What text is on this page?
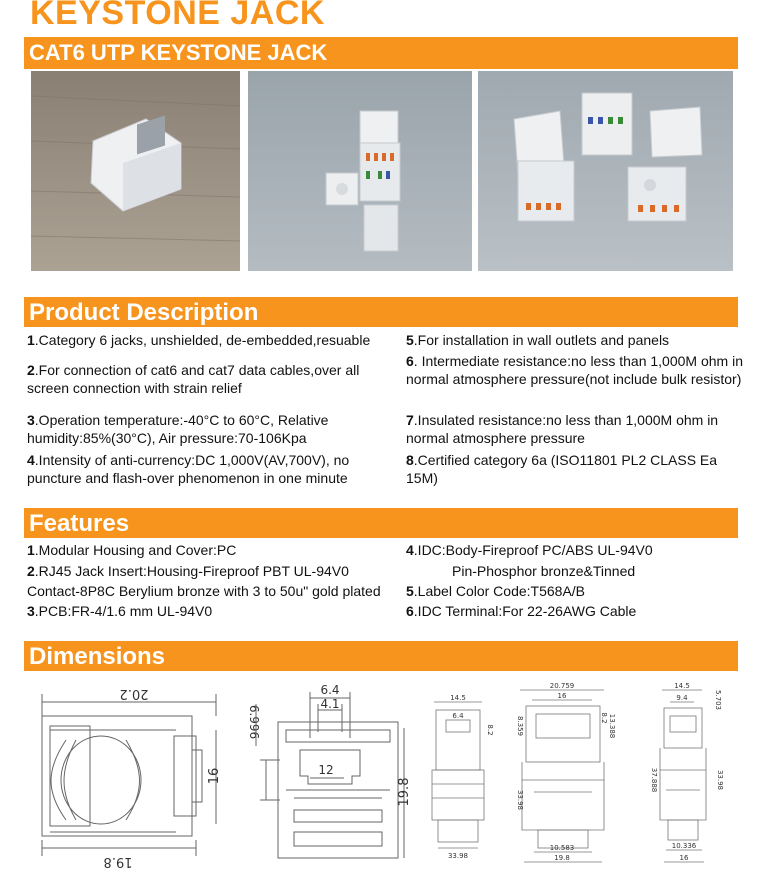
KEYSTONE JACK
CAT6 UTP KEYSTONE JACK
Product Description
1.Category 6 jacks, unshielded, de-embedded,resuable
2.For connection of cat6 and cat7 data cables,over all screen connection with strain relief
3.Operation temperature:-40°C to 60°C, Relative humidity:85%(30°C), Air pressure:70-106Kpa
4.Intensity of anti-currency:DC 1,000V(AV,700V), no puncture and flash-over phenomenon in one minute
5.For installation in wall outlets and panels
6. Intermediate resistance:no less than 1,000M ohm in normal atmosphere pressure(not include bulk resistor)
7.Insulated resistance:no less than 1,000M ohm in normal atmosphere pressure
8.Certified category 6a (ISO11801 PL2 CLASS Ea 15M)
Features
1.Modular Housing and Cover:PC
2.RJ45 Jack Insert:Housing-Fireproof PBT UL-94V0
Contact-8P8C Berylium bronze with 3 to 50u" gold plated
3.PCB:FR-4/1.6 mm UL-94V0
4.IDC:Body-Fireproof PC/ABS UL-94V0
Pin-Phosphor bronze&Tinned
5.Label Color Code:T568A/B
6.IDC Terminal:For 22-26AWG Cable
Dimensions
20.2
16
19.8
6.4
4.1
6.996
12
19.8
14.5
6.4
8.2
33.98
20.759
16
8.359	13.388
8.2
33.98
10.583
19.8
14.5
9.4	5.703
37.888	33.98
10.336
16
